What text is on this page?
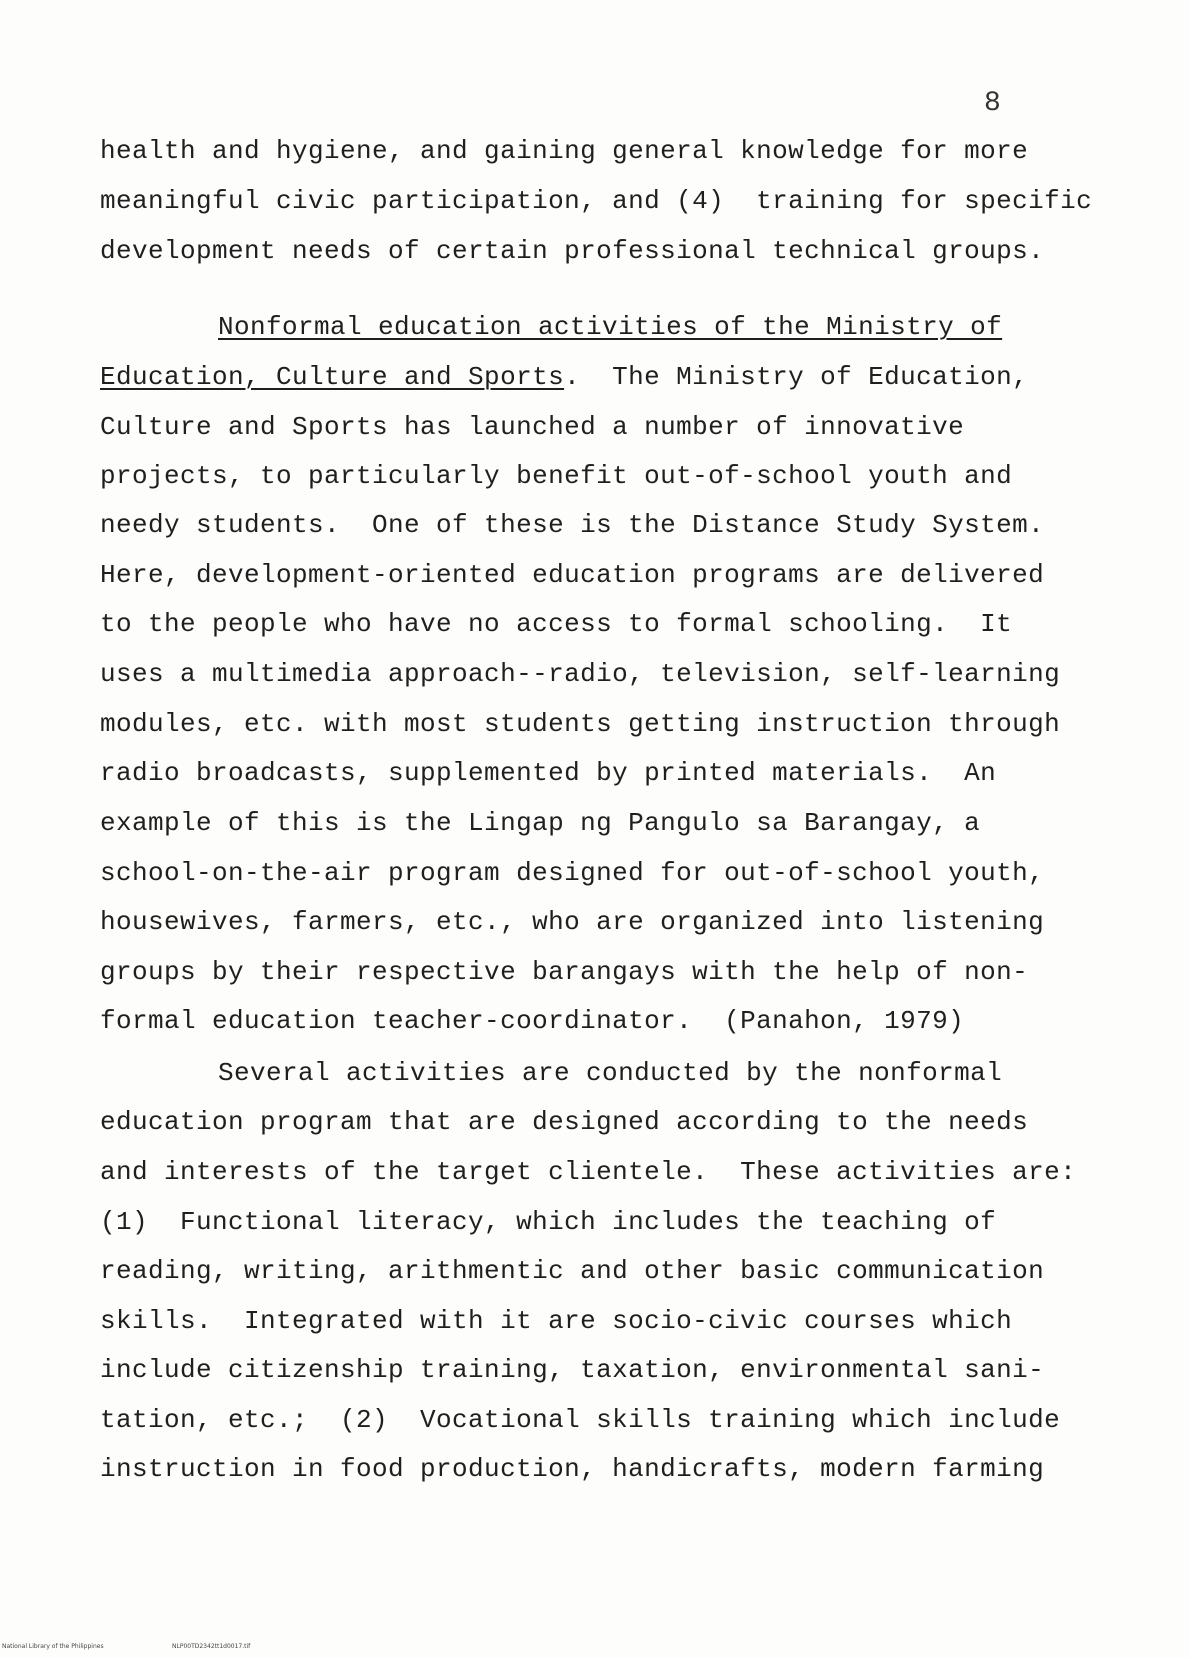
8
health and hygiene, and gaining general knowledge for more
meaningful civic participation, and (4)  training for specific
development needs of certain professional technical groups.
Nonformal education activities of the Ministry of
Education, Culture and Sports.  The Ministry of Education,
Culture and Sports has launched a number of innovative
projects, to particularly benefit out-of-school youth and
needy students.  One of these is the Distance Study System.
Here, development-oriented education programs are delivered
to the people who have no access to formal schooling.  It
uses a multimedia approach--radio, television, self-learning
modules, etc. with most students getting instruction through
radio broadcasts, supplemented by printed materials.  An
example of this is the Lingap ng Pangulo sa Barangay, a
school-on-the-air program designed for out-of-school youth,
housewives, farmers, etc., who are organized into listening
groups by their respective barangays with the help of non-
formal education teacher-coordinator.  (Panahon, 1979)
Several activities are conducted by the nonformal
education program that are designed according to the needs
and interests of the target clientele.  These activities are:
(1)  Functional literacy, which includes the teaching of
reading, writing, arithmentic and other basic communication
skills.  Integrated with it are socio-civic courses which
include citizenship training, taxation, environmental sani-
tation, etc.;  (2)  Vocational skills training which include
instruction in food production, handicrafts, modern farming
National Library of the Philippines	NLP00TD2342tt1d0017.tif
